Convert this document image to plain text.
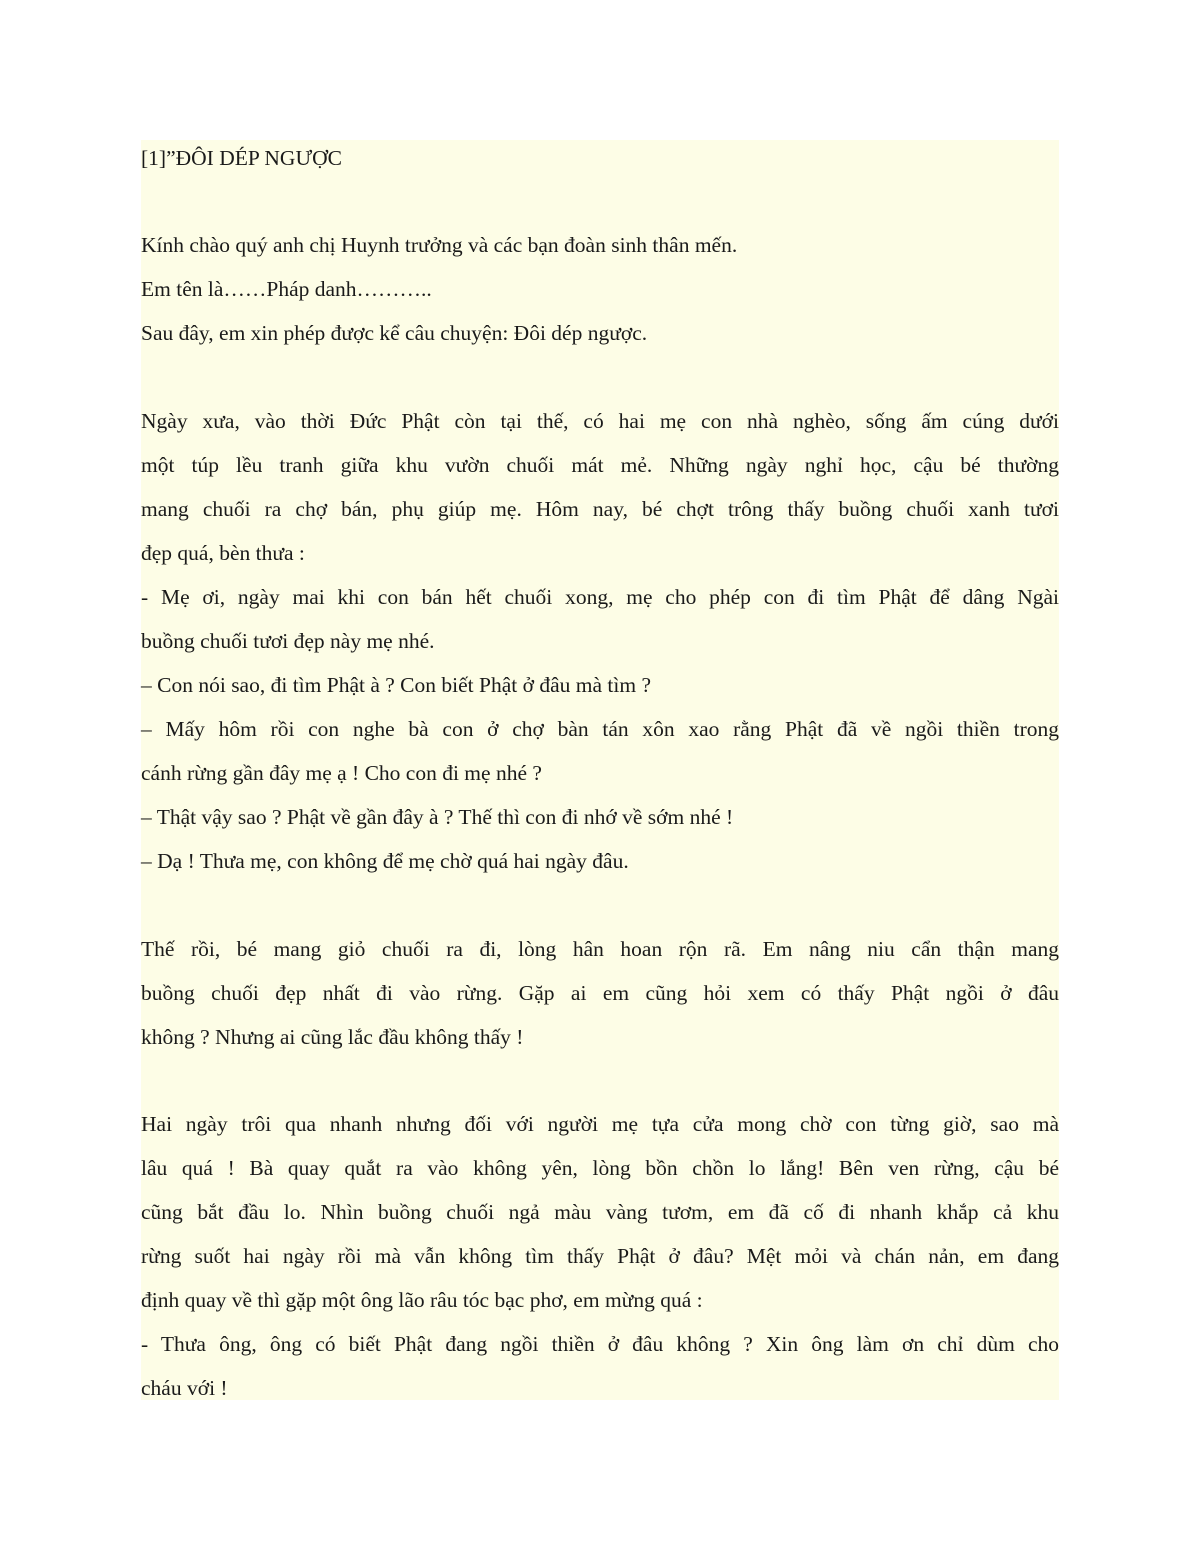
[1]”ĐÔI DÉP NGƯỢC
Kính chào quý anh chị Huynh trưởng và các bạn đoàn sinh thân mến.
Em tên là……Pháp danh………..
Sau đây, em xin phép được kể câu chuyện: Đôi dép ngược.
Ngày xưa, vào thời Đức Phật còn tại thế, có hai mẹ con nhà nghèo, sống ấm cúng dưới
một túp lều tranh giữa khu vườn chuối mát mẻ. Những ngày nghỉ học, cậu bé thường
mang chuối ra chợ bán, phụ giúp mẹ. Hôm nay, bé chợt trông thấy buồng chuối xanh tươi
đẹp quá, bèn thưa :
- Mẹ ơi, ngày mai khi con bán hết chuối xong, mẹ cho phép con đi tìm Phật để dâng Ngài
buồng chuối tươi đẹp này mẹ nhé.
– Con nói sao, đi tìm Phật à ? Con biết Phật ở đâu mà tìm ?
– Mấy hôm rồi con nghe bà con ở chợ bàn tán xôn xao rằng Phật đã về ngồi thiền trong
cánh rừng gần đây mẹ ạ ! Cho con đi mẹ nhé ?
– Thật vậy sao ? Phật về gần đây à ? Thế thì con đi nhớ về sớm nhé !
– Dạ ! Thưa mẹ, con không để mẹ chờ quá hai ngày đâu.
Thế rồi, bé mang giỏ chuối ra đi, lòng hân hoan rộn rã. Em nâng niu cẩn thận mang
buồng chuối đẹp nhất đi vào rừng. Gặp ai em cũng hỏi xem có thấy Phật ngồi ở đâu
không ? Nhưng ai cũng lắc đầu không thấy !
Hai ngày trôi qua nhanh nhưng đối với người mẹ tựa cửa mong chờ con từng giờ, sao mà
lâu quá ! Bà quay quắt ra vào không yên, lòng bồn chồn lo lắng! Bên ven rừng, cậu bé
cũng bắt đầu lo. Nhìn buồng chuối ngả màu vàng tươm, em đã cố đi nhanh khắp cả khu
rừng suốt hai ngày rồi mà vẫn không tìm thấy Phật ở đâu? Mệt mỏi và chán nản, em đang
định quay về thì gặp một ông lão râu tóc bạc phơ, em mừng quá :
- Thưa ông, ông có biết Phật đang ngồi thiền ở đâu không ? Xin ông làm ơn chỉ dùm cho
cháu với !
